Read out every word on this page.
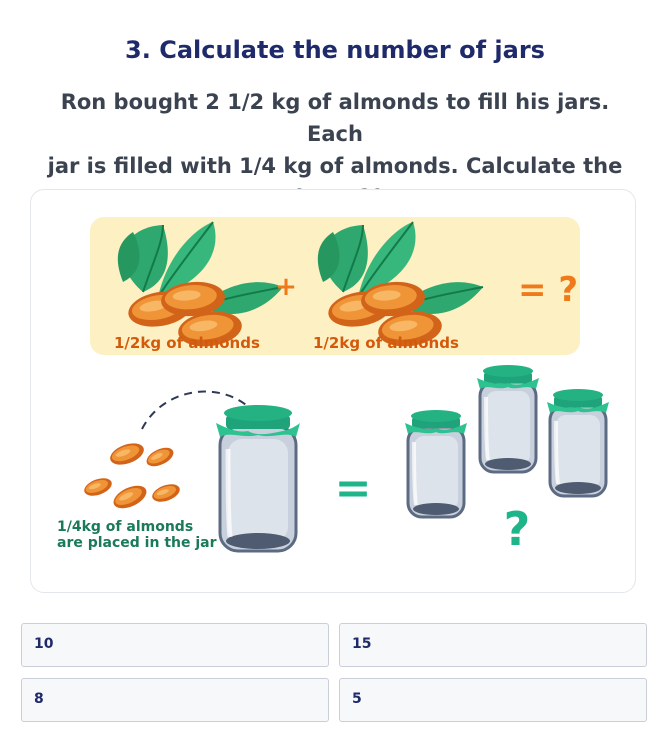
3. Calculate the number of jars
Ron bought 2 1/2 kg of almonds to fill his jars. Each
jar is filled with 1/4 kg of almonds. Calculate the
+	= ?
1/2kg of almonds	1/2kg of almonds
1/4kg of almonds
are placed in the jar
=
?
10	15
8	5
